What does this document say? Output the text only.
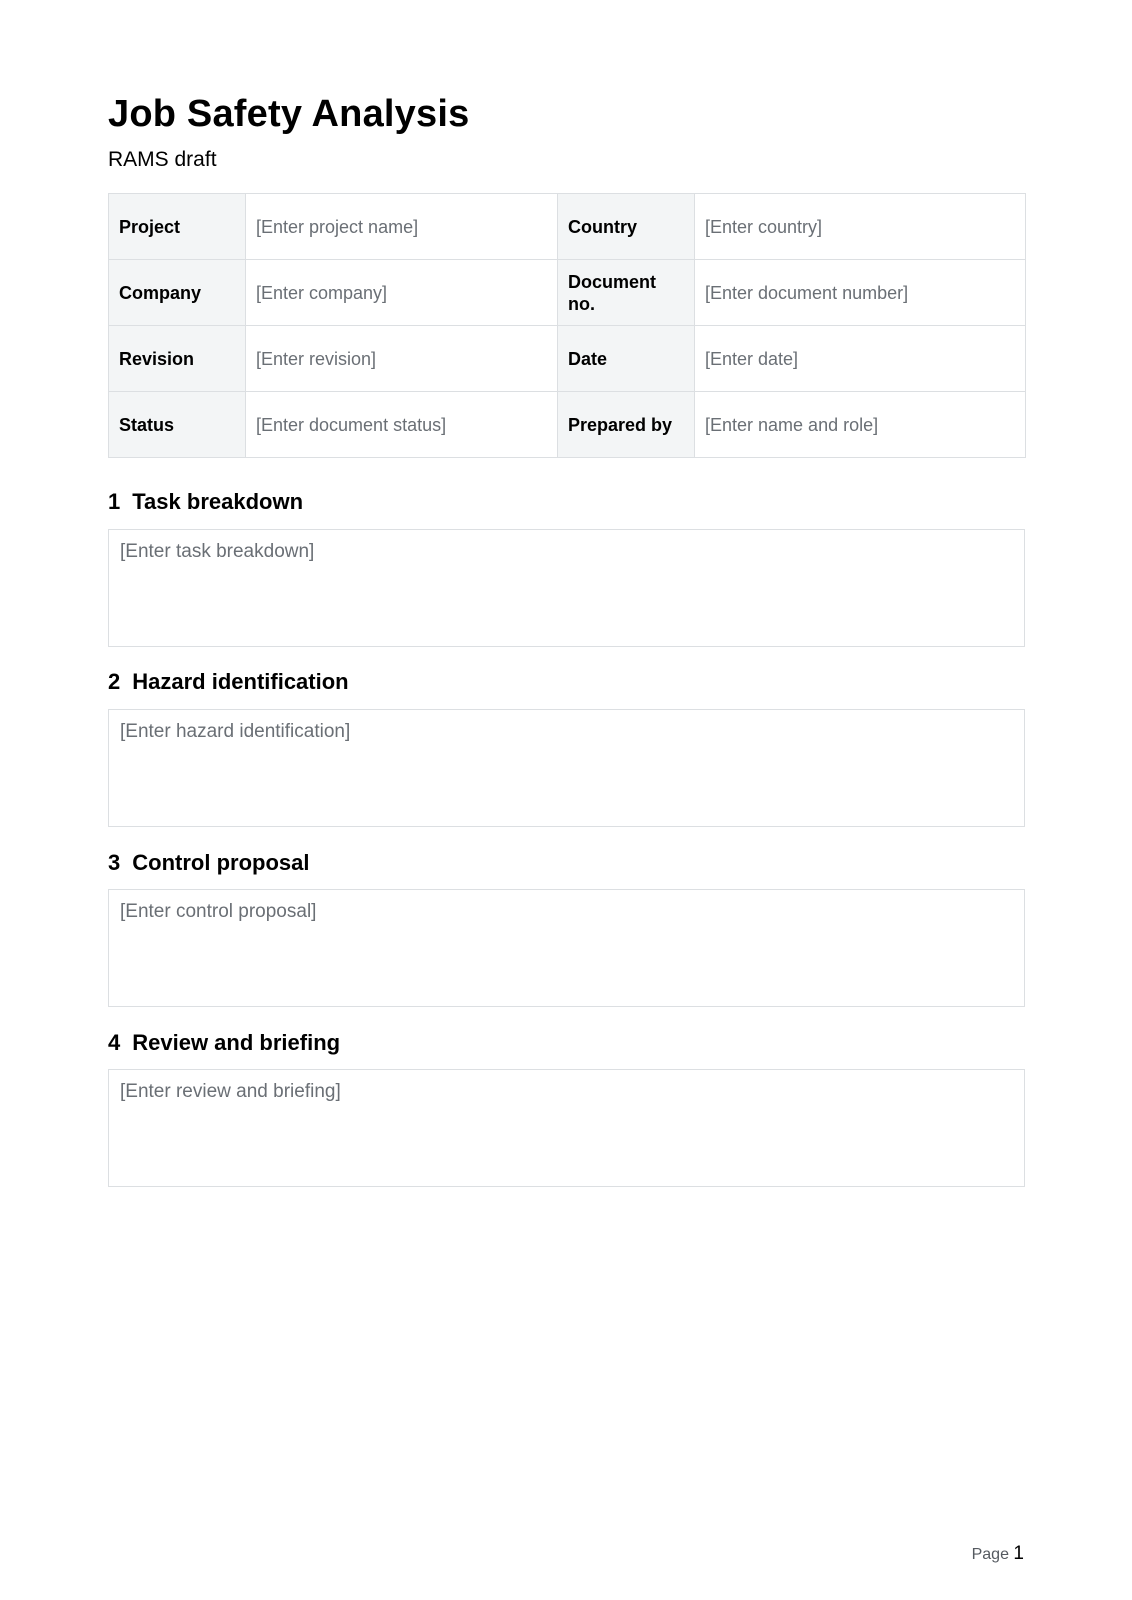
Job Safety Analysis

RAMS draft

Project	[Enter project name]	Country	[Enter country]
Company	[Enter company]	Document no.	[Enter document number]
Revision	[Enter revision]	Date	[Enter date]
Status	[Enter document status]	Prepared by	[Enter name and role]
1 Task breakdown
[Enter task breakdown]
2 Hazard identification
[Enter hazard identification]
3 Control proposal
[Enter control proposal]
4 Review and briefing
[Enter review and briefing]
Page 1
